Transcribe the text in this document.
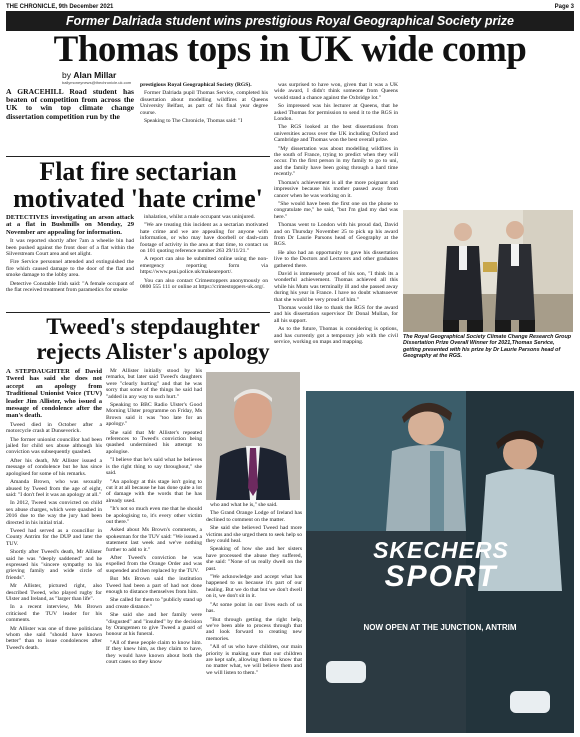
THE CHRONICLE, 9th December 2021	Page 3
Former Dalriada student wins prestigious Royal Geographical Society prize
Thomas tops in UK wide comp
by Alan Millar
ballymoneynews@thechronicle.uk.com

A GRACEHILL Road student has beaten of competition from across the UK to win top climate change dissertation competition run by the

prestigious Royal Geographical Society (RGS).

Former Dalriada pupil Thomas Service, completed his dissertation about modelling wildfires at Queens University Belfast, as part of his final year degree course.

Speaking to The Chronicle, Thomas said: "I

was surprised to have won, given that it was a UK wide award, I didn't think someone from Queens would stand a chance against the Oxbridge lot."

So impressed was his lecturer at Queens, that he asked Thomas for permission to send it to the RGS in London.

The RGS looked at the best dissertations from universities across over the UK including Oxford and Cambridge and Thomas won the best overall prize.

"My dissertation was about modelling wildfires in the south of France, trying to predict when they will occur. I'm the first person in my family to go to uni, and the family have been going through a hard time recently."

Thomas's achievement is all the more poignant and impressive because his mother passed away from cancer when he was working on it.

"She would have been the first one on the phone to congratulate me," he said, "but I'm glad my dad was here."

Thomas went to London with his proud dad, David and on Thursday November 25 to pick up his award from Dr Laurie Parsons head of Geography at the RGS.

He also had an opportunity to gave his dissertation live to the Doctors and Lecturers and other graduates gathered there.

David is immensely proud of his son, "I think its a wonderful achievement. Thomas achieved all this while his Mum was terminally ill and she passed away during his year in France. I have no doubt whatsoever that she would be very proud of him."

Thomas would like to thank the RGS for the award and his dissertation supervisor Dr Donal Mullan, for all his support.

As to the future, Thomas is considering is options, and has currently got a temporary job with the civil service, working on maps and mapping.

The Royal Geographical Society Climate Change Research Group Dissertation Prize Overall Winner for 2021,Thomas Service, getting presented with his prize by Dr Laurie Parsons head of Geography at the RGS.
Flat fire sectarian
motivated 'hate crime'

DETECTIVES investigating an arson attack at a flat in Bushmills on Monday, 29 November are appealing for information.

It was reported shortly after 7am a wheelie bin had been pushed against the front door of a flat within the Silverstream Court area and set alight.

Fire Service personnel attended and extinguished the fire which caused damage to the door of the flat and smoke damage to the lobby area.

Detective Constable Irish said: "A female occupant of the flat received treatment from paramedics for smoke

inhalation, whilst a male occupant was uninjured.

"We are treating this incident as a sectarian motivated hate crime and we are appealing for anyone with information, or who may have doorbell or dash-cam footage of activity in the area at that time, to contact us on 101 quoting reference number 263 29/11/21."

A report can also be submitted online using the non-emergency reporting form via https://www.psni.police.uk/makeareport/.

You can also contact Crimestoppers anonymously on 0800 555 111 or online at https://crimestoppers-uk.org/.

Tweed's stepdaughter
rejects Alister's apology

A STEPDAUGHTER of David Tweed has said she does not accept an apology from Traditional Unionist Voice (TUV) leader Jim Allister, who issued a message of condolence after the man's death.

Tweed died in October after a motorcycle crash at Dunseverick.

The former unionist councillor had been jailed for child sex abuse although his conviction was subsequently quashed.

After his death, Mr Allister issued a message of condolence but he has since apologised for some of his remarks.

Amanda Brown, who was sexually abused by Tweed from the age of eight, said: "I don't feel it was an apology at all."

In 2012, Tweed was convicted on child sex abuse charges, which were quashed in 2016 due to the way the jury had been directed in his initial trial.

Tweed had served as a councillor in County Antrim for the DUP and later the TUV.

Shortly after Tweed's death, Mr Allister said he was "deeply saddened" and he expressed his "sincere sympathy to his grieving family and wide circle of friends".

Mr Allister, pictured right, also described Tweed, who played rugby for Ulster and Ireland, as "larger than life".

In a recent interview, Ms Brown criticised the TUV leader for his comments.

Mr Allister was one of three politicians whom she said "should have known better" than to issue condolences after Tweed's death.

Mr Allister initially stood by his remarks, but later said Tweed's daughters were "clearly hurting" and that he was sorry that some of the things he said had "added in any way to such hurt."

Speaking to BBC Radio Ulster's Good Morning Ulster programme on Friday, Ms Brown said it was "too late for an apology."

She said that Mr Allister's repeated references to Tweed's conviction being quashed undermined his attempt to apologise.

"I believe that he's said what he believes is the right thing to say throughout," she said.

"An apology at this stage isn't going to cut it at all because he has done quite a lot of damage with the words that he has already used.

"It's not so much even me that he should be apologising to, it's every other victim out there."

Asked about Ms Brown's comments, a spokesman for the TUV said: "We issued a statement last week and we've nothing further to add to it."

After Tweed's conviction he was expelled from the Orange Order and was suspended and then replaced by the TUV.

But Ms Brown said the institution Tweed had been a part of had not done enough to distance themselves from him.

She called for them to "publicly stand up and create distance."

She said she and her family were "disgusted" and "insulted" by the decision by Orangemen to give Tweed a guard of honour at his funeral.

"All of these people claim to know him. If they knew him, as they claim to have, they would have known about both the court cases so they know

who and what he is," she said.

The Grand Orange Lodge of Ireland has declined to comment on the matter.

She said she believed Tweed had more victims and she urged them to seek help so they could heal.

Speaking of how she and her sisters have processed the abuse they suffered, she said: "None of us really dwell on the past.

"We acknowledge and accept what has happened to us because it's part of our healing. But we do that but we don't dwell on it, we don't sit in it.

"At some point in our lives each of us has.

"But through getting the right help, we've been able to process through that and look forward to creating new memories.

"All of us who have children, our main priority is making sure that our children are kept safe, allowing them to know that no matter what, we will believe them and we will listen to them."

SKECHERS
SPORT
NOW OPEN AT THE JUNCTION, ANTRIM
